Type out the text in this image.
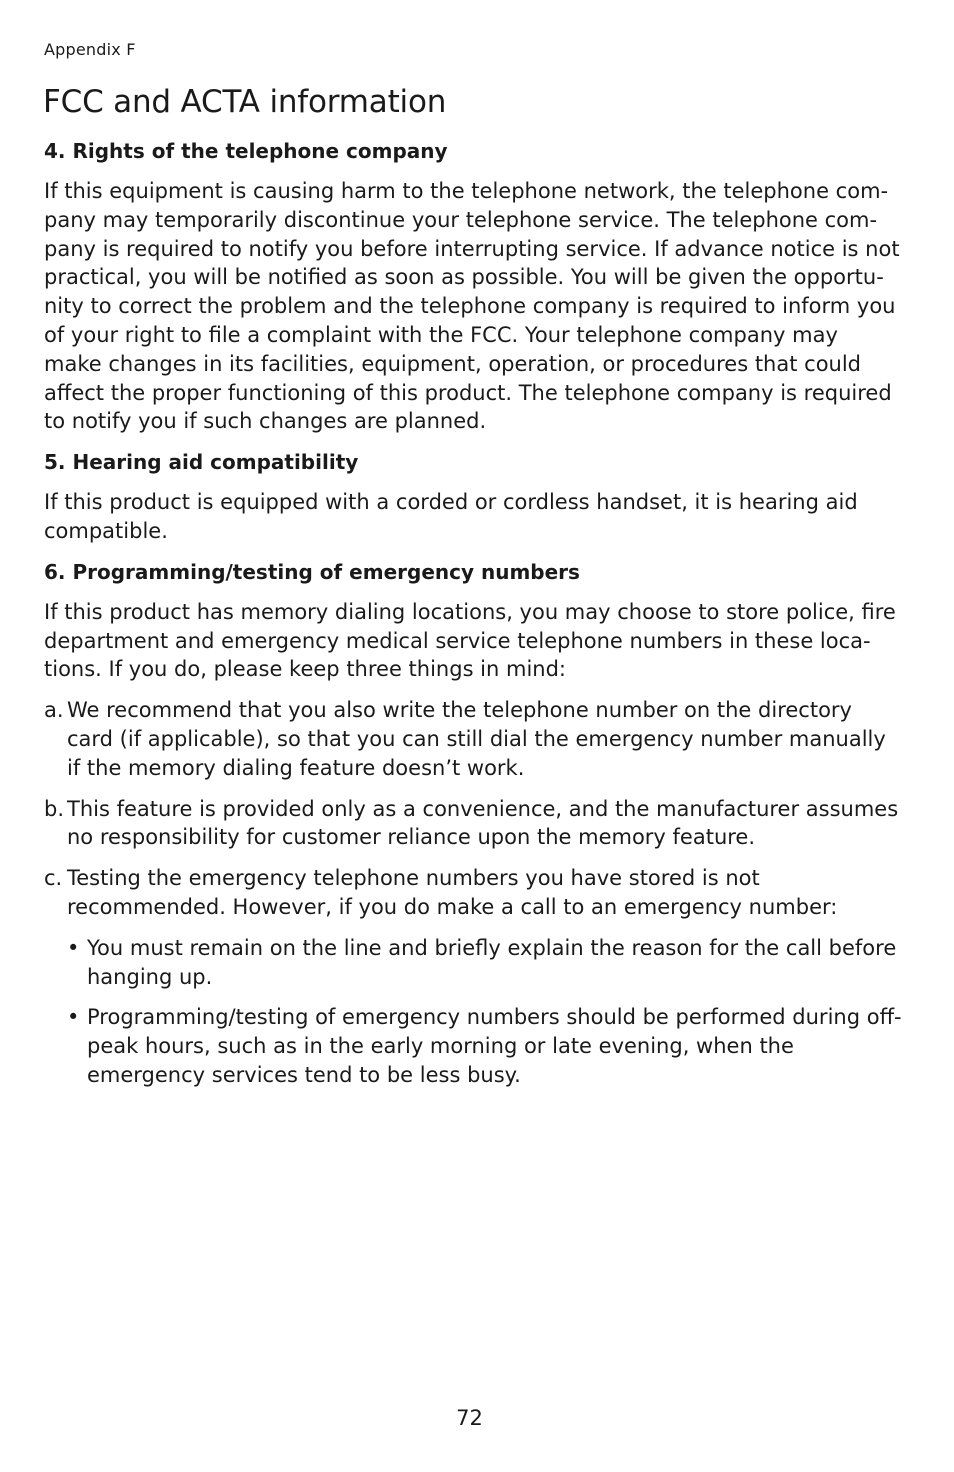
Appendix F
FCC and ACTA information
4. Rights of the telephone company

If this equipment is causing harm to the telephone network, the telephone com-pany may temporarily discontinue your telephone service. The telephone com-pany is required to notify you before interrupting service. If advance notice is not practical, you will be notified as soon as possible. You will be given the opportu-nity to correct the problem and the telephone company is required to inform you of your right to file a complaint with the FCC. Your telephone company may make changes in its facilities, equipment, operation, or procedures that could affect the proper functioning of this product. The telephone company is required to notify you if such changes are planned.

5. Hearing aid compatibility

If this product is equipped with a corded or cordless handset, it is hearing aid compatible.

6. Programming/testing of emergency numbers

If this product has memory dialing locations, you may choose to store police, fire department and emergency medical service telephone numbers in these loca-tions. If you do, please keep three things in mind:

a. We recommend that you also write the telephone number on the directory card (if applicable), so that you can still dial the emergency number manually if the memory dialing feature doesn’t work.
b. This feature is provided only as a convenience, and the manufacturer assumes no responsibility for customer reliance upon the memory feature.
c. Testing the emergency telephone numbers you have stored is not recommended. However, if you do make a call to an emergency number:
• You must remain on the line and briefly explain the reason for the call before hanging up.
• Programming/testing of emergency numbers should be performed during off-peak hours, such as in the early morning or late evening, when the emergency services tend to be less busy.
72
